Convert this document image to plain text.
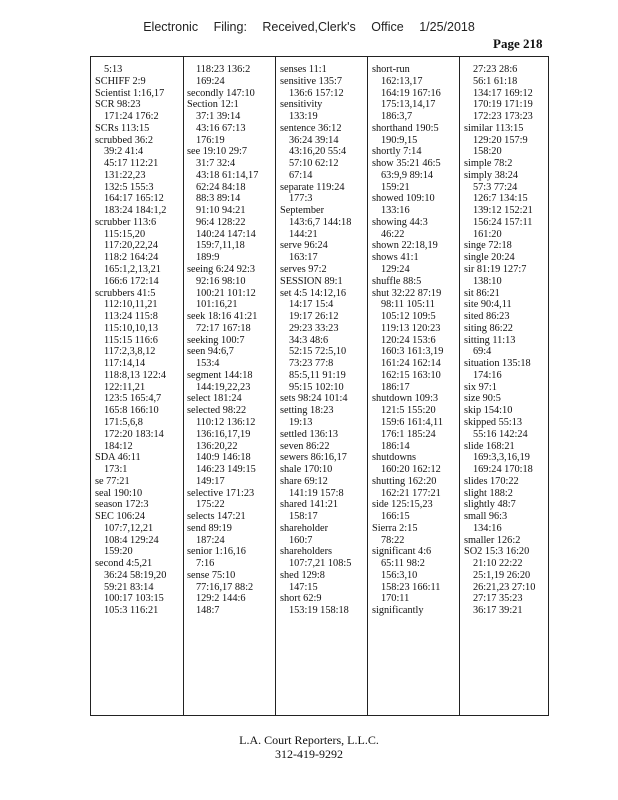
Electronic Filing: Received,Clerk's Office 1/25/2018
Page 218
5:13
SCHIFF 2:9
Scientist 1:16,17
SCR 98:23
171:24 176:2
SCRs 113:15
scrubbed 36:2
39:2 41:4
45:17 112:21
131:22,23
132:5 155:3
164:17 165:12
183:24 184:1,2
scrubber 113:6
115:15,20
117:20,22,24
118:2 164:24
165:1,2,13,21
166:6 172:14
scrubbers 41:5
112:10,11,21
113:24 115:8
115:10,10,13
115:15 116:6
117:2,3,8,12
117:14,14
118:8,13 122:4
122:11,21
123:5 165:4,7
165:8 166:10
171:5,6,8
172:20 183:14
184:12
SDA 46:11
173:1
se 77:21
seal 190:10
season 172:3
SEC 106:24
107:7,12,21
108:4 129:24
159:20
second 4:5,21
36:24 58:19,20
59:21 83:14
100:17 103:15
105:3 116:21
118:23 136:2
169:24
secondly 147:10
Section 12:1
37:1 39:14
43:16 67:13
176:19
see 19:10 29:7
31:7 32:4
43:18 61:14,17
62:24 84:18
88:3 89:14
91:10 94:21
96:4 128:22
140:24 147:14
159:7,11,18
189:9
seeing 6:24 92:3
92:16 98:10
100:21 101:12
101:16,21
seek 18:16 41:21
72:17 167:18
seeking 100:7
seen 94:6,7
153:4
segment 144:18
144:19,22,23
select 181:24
selected 98:22
110:12 136:12
136:16,17,19
136:20,22
140:9 146:18
146:23 149:15
149:17
selective 171:23
175:22
selects 147:21
send 89:19
187:24
senior 1:16,16
7:16
sense 75:10
77:16,17 88:2
129:2 144:6
148:7
senses 11:1
sensitive 135:7
136:6 157:12
sensitivity
133:19
sentence 36:12
36:24 39:14
43:16,20 55:4
57:10 62:12
67:14
separate 119:24
177:3
September
143:6,7 144:18
144:21
serve 96:24
163:17
serves 97:2
SESSION 89:1
set 4:5 14:12,16
14:17 15:4
19:17 26:12
29:23 33:23
34:3 48:6
52:15 72:5,10
73:23 77:8
85:5,11 91:19
95:15 102:10
sets 98:24 101:4
setting 18:23
19:13
settled 136:13
seven 86:22
sewers 86:16,17
shale 170:10
share 69:12
141:19 157:8
shared 141:21
158:17
shareholder
160:7
shareholders
107:7,21 108:5
shed 129:8
147:15
short 62:9
153:19 158:18
short-run
162:13,17
164:19 167:16
175:13,14,17
186:3,7
shorthand 190:5
190:9,15
shortly 7:14
show 35:21 46:5
63:9,9 89:14
159:21
showed 109:10
133:16
showing 44:3
46:22
shown 22:18,19
shows 41:1
129:24
shuffle 88:5
shut 32:22 87:19
98:11 105:11
105:12 109:5
119:13 120:23
120:24 153:6
160:3 161:3,19
161:24 162:14
162:15 163:10
186:17
shutdown 109:3
121:5 155:20
159:6 161:4,11
176:1 185:24
186:14
shutdowns
160:20 162:12
shutting 162:20
162:21 177:21
side 125:15,23
166:15
Sierra 2:15
78:22
significant 4:6
65:11 98:2
156:3,10
158:23 166:11
170:11
significantly
27:23 28:6
56:1 61:18
134:17 169:12
170:19 171:19
172:23 173:23
similar 113:15
129:20 157:9
158:20
simple 78:2
simply 38:24
57:3 77:24
126:7 134:15
139:12 152:21
156:24 157:11
161:20
singe 72:18
single 20:24
sir 81:19 127:7
138:10
sit 86:21
site 90:4,11
sited 86:23
siting 86:22
sitting 11:13
69:4
situation 135:18
174:16
six 97:1
size 90:5
skip 154:10
skipped 55:13
55:16 142:24
slide 168:21
169:3,3,16,19
169:24 170:18
slides 170:22
slight 188:2
slightly 48:7
small 96:3
134:16
smaller 126:2
SO2 15:3 16:20
21:10 22:22
25:1,19 26:20
26:21,23 27:10
27:17 35:23
36:17 39:21
L.A. Court Reporters, L.L.C.
312-419-9292
